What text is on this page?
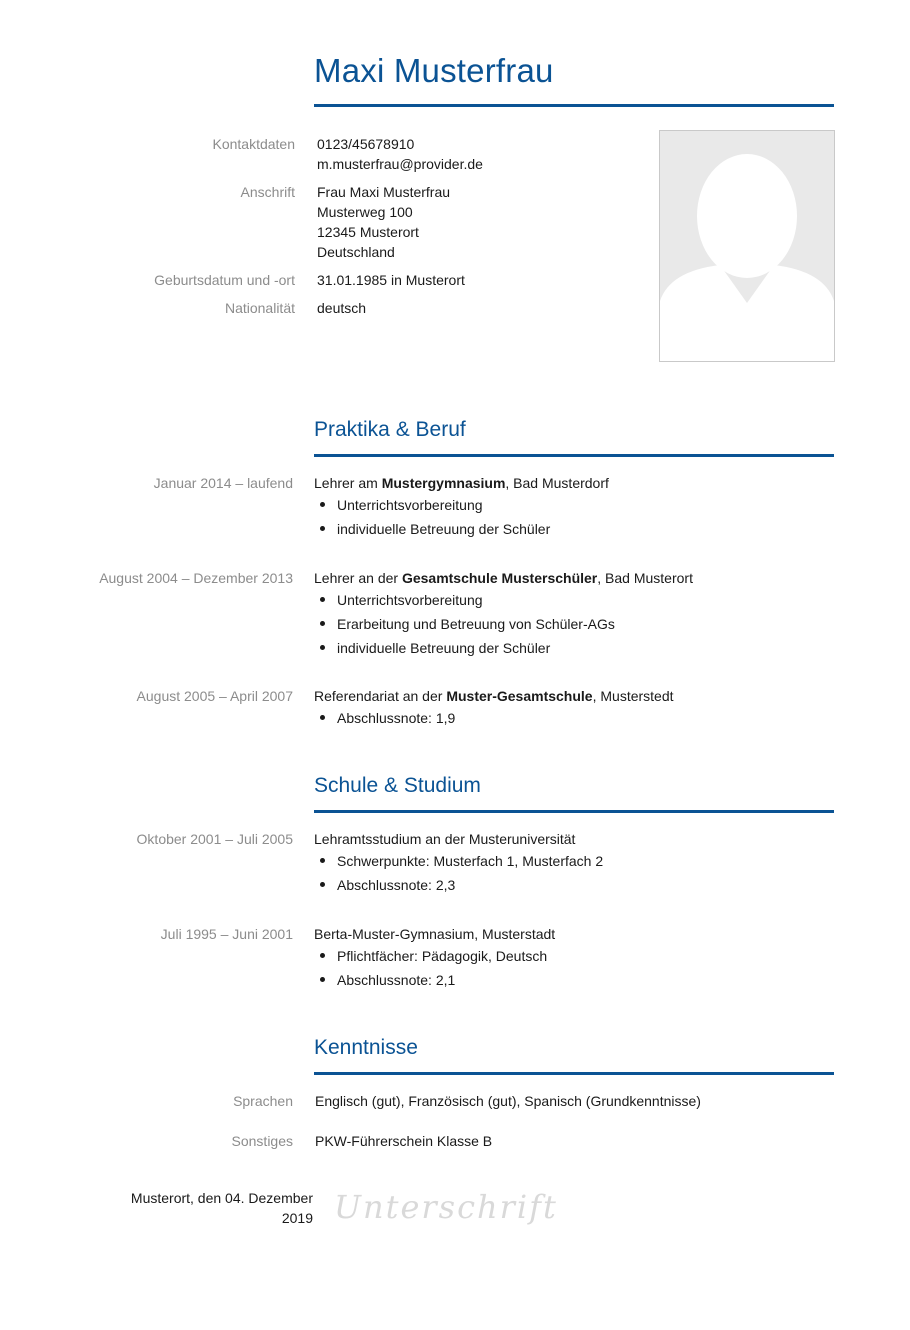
Maxi Musterfrau
Kontaktdaten 0123/45678910
m.musterfrau@provider.de
Anschrift Frau Maxi Musterfrau
Musterweg 100
12345 Musterort
Deutschland
Geburtsdatum und -ort 31.01.1985 in Musterort
Nationalität deutsch
Praktika & Beruf
Januar 2014 – laufend Lehrer am Mustergymnasium, Bad Musterdorf
Unterrichtsvorbereitung
individuelle Betreuung der Schüler
August 2004 – Dezember 2013 Lehrer an der Gesamtschule Musterschüler, Bad Musterort
Unterrichtsvorbereitung
Erarbeitung und Betreuung von Schüler-AGs
individuelle Betreuung der Schüler
August 2005 – April 2007 Referendariat an der Muster-Gesamtschule, Musterstedt
Abschlussnote: 1,9
Schule & Studium
Oktober 2001 – Juli 2005 Lehramtsstudium an der Musteruniversität
Schwerpunkte: Musterfach 1, Musterfach 2
Abschlussnote: 2,3
Juli 1995 – Juni 2001 Berta-Muster-Gymnasium, Musterstadt
Pflichtfächer: Pädagogik, Deutsch
Abschlussnote: 2,1
Kenntnisse
Sprachen Englisch (gut), Französisch (gut), Spanisch (Grundkenntnisse)
Sonstiges PKW-Führerschein Klasse B
Musterort, den 04. Dezember
2019 Unterschrift
